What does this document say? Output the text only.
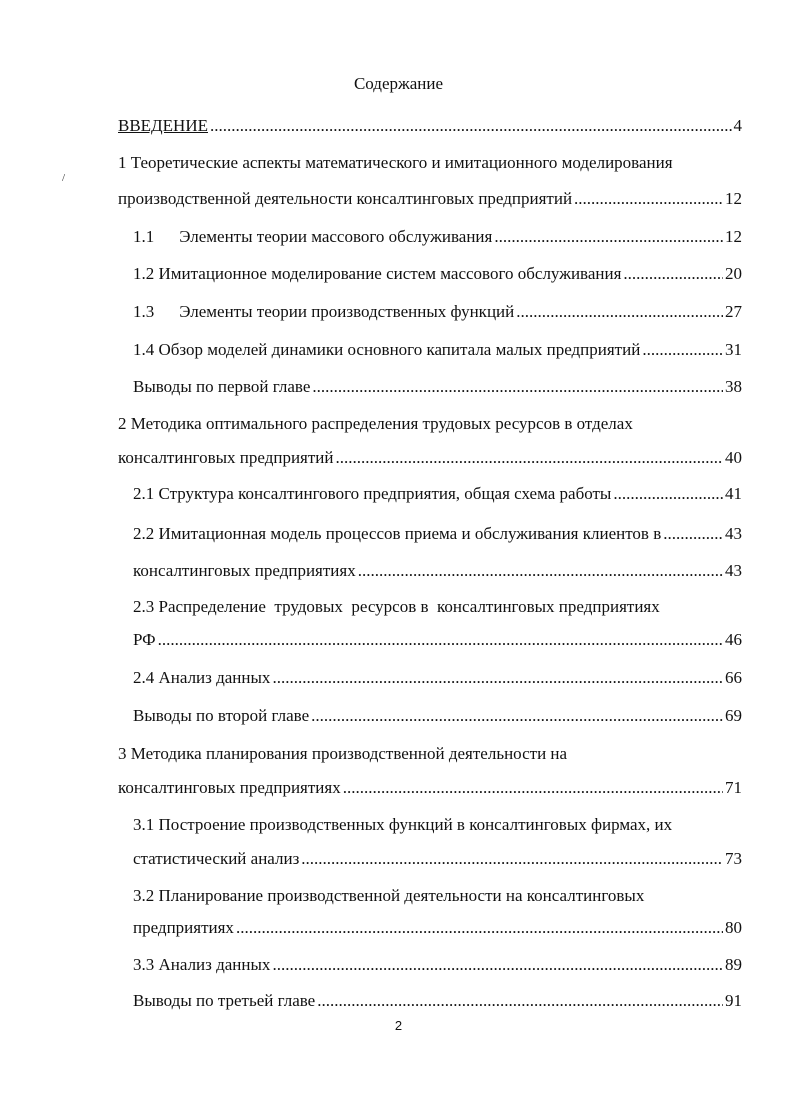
Содержание
/
ВВЕДЕНИЕ .....	4
1 Теоретические аспекты математического и имитационного моделирования
производственной деятельности консалтинговых предприятий .....	12
1.1 Элементы теории массового обслуживания .....	12
1.2 Имитационное моделирование систем массового обслуживания .....	20
1.3 Элементы теории производственных функций .....	27
1.4 Обзор моделей динамики основного капитала малых предприятий .....	31
Выводы по первой главе .....	38
2 Методика оптимального распределения трудовых ресурсов в отделах
консалтинговых предприятий .....	40
2.1 Структура консалтингового предприятия, общая схема работы .....	41
2.2 Имитационная модель процессов приема и обслуживания клиентов в .....	43
консалтинговых предприятиях .....	43
2.3 Распределение  трудовых  ресурсов в  консалтинговых предприятиях
РФ .....	46
2.4 Анализ данных .....	66
Выводы по второй главе .....	69
3 Методика планирования производственной деятельности на
консалтинговых предприятиях .....	71
3.1 Построение производственных функций в консалтинговых фирмах, их
статистический анализ .....	73
3.2 Планирование производственной деятельности на консалтинговых
предприятиях .....	80
3.3 Анализ данных .....	89
Выводы по третьей главе .....	91
2
